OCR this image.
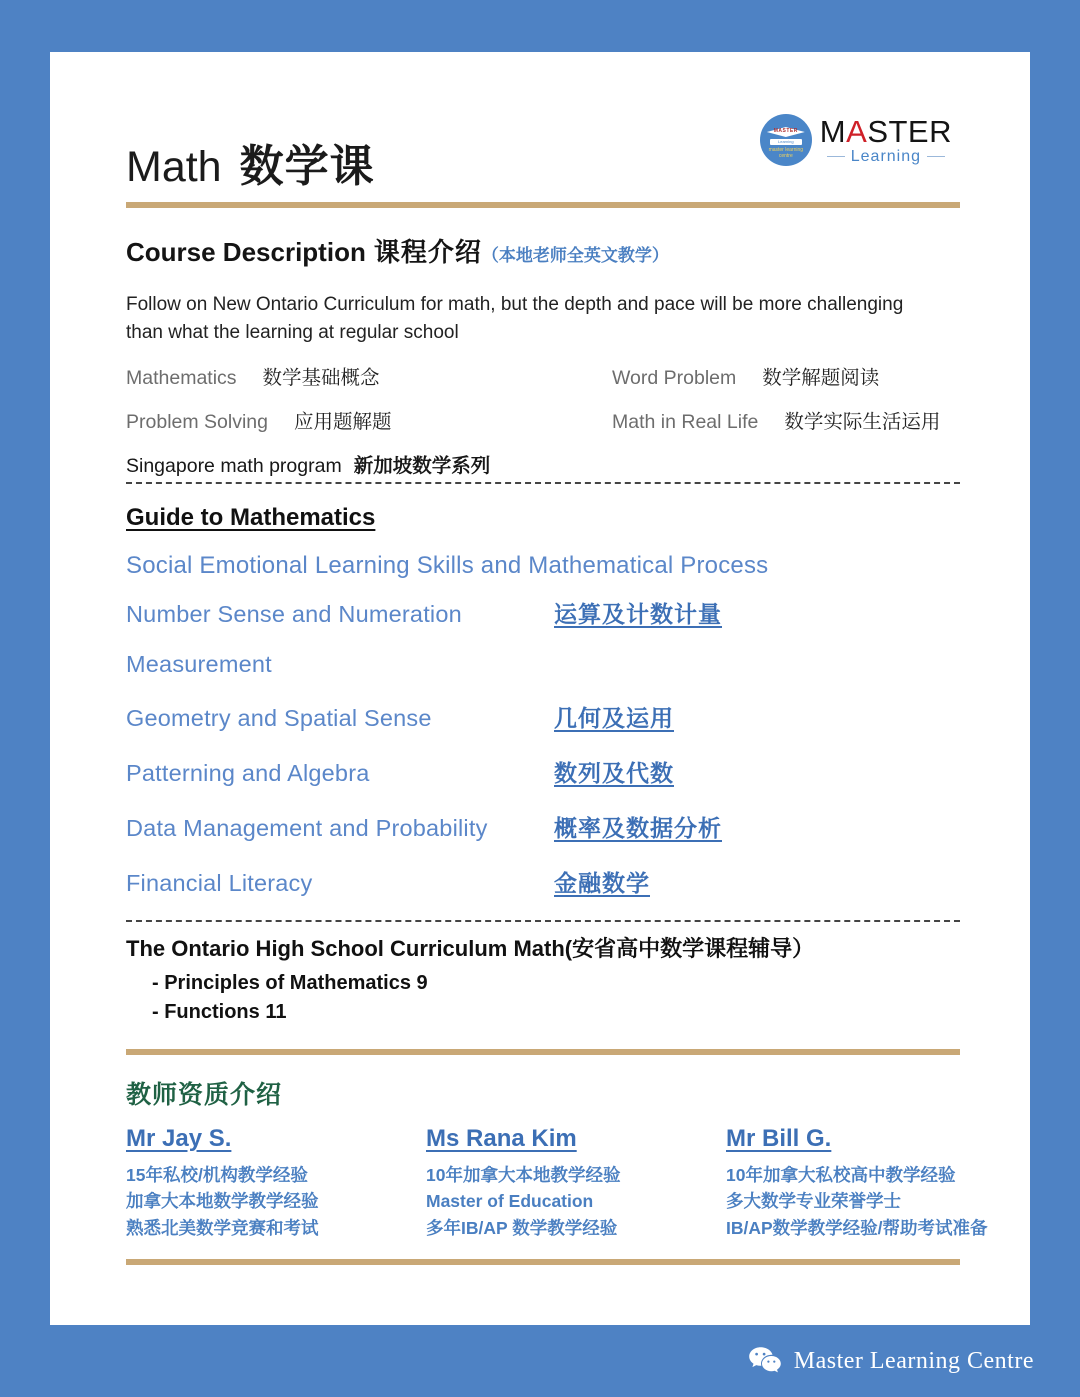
Math 数学课
MASTER
Learning
master learning centre
MASTER
Learning
Course Description 课程介绍（本地老师全英文教学）
Follow on New Ontario Curriculum for math, but the depth and pace will be more challenging than what the learning at regular school
Mathematics 数学基础概念	Word Problem 数学解题阅读
Problem Solving 应用题解题	Math in Real Life 数学实际生活运用
Singapore math program 新加坡数学系列
Guide to Mathematics
Social Emotional Learning Skills and Mathematical Process
Number Sense and Numeration	运算及计数计量
Measurement
Geometry and Spatial Sense	几何及运用
Patterning and Algebra	数列及代数
Data Management and Probability	概率及数据分析
Financial Literacy	金融数学
The Ontario High School Curriculum Math(安省高中数学课程辅导）
- Principles of Mathematics 9
- Functions 11
教师资质介绍
Mr Jay S.
15年私校/机构教学经验
加拿大本地数学教学经验
熟悉北美数学竞赛和考试
Ms Rana Kim
10年加拿大本地教学经验
Master of Education
多年IB/AP 数学教学经验
Mr Bill G.
10年加拿大私校高中教学经验
多大数学专业荣誉学士
IB/AP数学教学经验/帮助考试准备
Master Learning Centre
